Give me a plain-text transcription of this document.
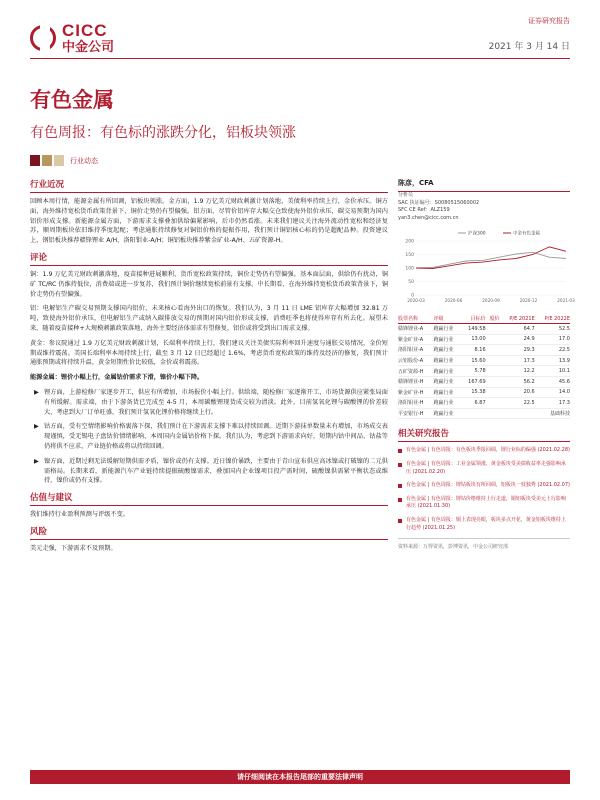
CICC
中金公司
证券研究报告
2021 年 3 月 14 日
有色金属
有色周报：有色标的涨跌分化，铝板块领涨
行业动态
行业近况

回顾本周行情，能源金属有所回调，铝板块领涨。金方面，1.9 万亿美元财政刺激计划落地，美债利率持续上行，金价承压。铜方面，海外维持宽松货币政策背景下，铜价走势仍有望偏强。铝方面，尽管价铝库存大幅交仓致使海外铝价承压，碳交易预期为国内铝价形成支撑。新能源金属方面，下游需求支撑叠加供给偏紧影响，后市仍然看涨。未来我们建议关注海外流动性宽松和经济复苏，顺周期板块依旧维持季度起配；考虑通胀持续修复对铜铝价格的提振作用，我们预计铜铝核心标的仍是超配品种。投资建议上，钢铝板块推荐赣锋锂业 A/H、洛阳钼业-A/H；铜铝板块推荐紫金矿业-A/H、五矿资源-H。

评论

铜：1.9 万亿美元财政刺激落地，疫苗接种进展顺利，货币宽松政策持续，铜价走势仍有望偏强。基本面层面，供给仍有扰动，铜矿 TC/RC 仍维持低位，消费端或进一步复苏，我们预计铜价继续宽松前景有支撑。中长期看，在海外维持宽松货币政策背景下，铜价走势仍有望偏强。

铝：电解铝生产碳交易预期支撑国内铝价，未来核心看海外出口的恢复。我们认为，3 月 11 日 LME 铝库存大幅增加 32.81 万吨，致使海外铝价承压，但电解铝生产或纳入碳排放交易的预期对国内铝价形成支撑，消费旺季也将使得库存有所去化。展望未来，随着疫苗接种+大规模刺激政策落地，海外主要经济体需求有望修复，铝价或将受到出口需求支撑。

黄金：参议院通过 1.9 万亿美元财政刺激计划，长端利率持续上行，我们建议关注美债实际利率回升速度与通胀交易情况，金价短期或维持震荡。美国长端利率本周持续上行，截至 3 月 12 日已经超过 1.6%，考虑货币宽松政策的维持及经济的修复，我们预计通胀预期或将持续升温，黄金短期性价比较低，金价或将震荡。

能源金属：锂价小幅上行，金属钴价需求下滑，镍价小幅下降。

▶ 锂方面，上游检修厂家逐步开工，供应有所增加，市场报价小幅上行。供给端，随检修厂家逐渐开工，市场货源供应紧张局面有所缓解。需求端，由于下游备货已完成至 4-5 月，本周碳酸锂现货成交较为清淡。此外，目前氢氧化锂与碳酸锂的价差较大，考虑到大厂订单旺盛，我们预计氢氧化锂价格将继续上行。
▶ 钴方面，受有空情绪影响价格裹落下探，我们预计在下游需求支撑下难以持续回调。近期下游抹单数量未有增加，市场成交表现谨慎，受无锡电子盘钴价情绪影响，本周国内金属钴价格下探。我们认为，考虑到下游需求向好，短期内钴中间品、钴盐等仍将供不应求，产业链价格或将以持续回调。
▶ 镍方面，近期过剩无法缓解短期供需矛盾，镍价或仍有支撑。近日镍价暴跌，主要由于青山宣布供应高冰镍或打破镍的二元供需格局。长期来看，新能源汽车产业链持续提振硫酸镍需求，叠加国内企业镍项目投产需时间，硫酸镍供需紧平衡状态或维持，镍价或仍有支撑。
估值与建议

我们维持行业盈利预测与评级不变。

风险

美元走强，下游需求不及预期。

陈彦，CFA
分析员
SAC 执证编号：S0080515060002
SFC CE Ref：ALZ159
yan3.chen@cicc.com.cn
0
50
100
150
200
2020-03	2020-06	2020-09	2020-12	2021-03
沪深300	中金有色金属
股票名称	评级	目标价	股价	P/E 2021E	P/E 2022E
赣锋锂业-A	跑赢行业	149.58		64.7	52.5
紫金矿业-A	跑赢行业	13.00		24.9	17.0
洛阳钼业-A	跑赢行业	8.16		29.3	22.5
云铝股份-A	跑赢行业	15.60		17.3	13.9
五矿资源-H	跑赢行业	5.78		12.2	10.1
赣锋锂业-H	跑赢行业	167.69		56.2	45.6
紫金矿业-H	跑赢行业	15.38		20.6	14.0
洛阳钼业-H	跑赢行业	6.87		22.5	17.3
平安银行-H	跑赢行业				基础科技
相关研究报告
有色金属 | 有色周报：有色板块季报回调，锂行业标的偏强 (2021.02.28)
有色金属 | 有色周报：工业金属领涨，黄金板块受美债收益率走强影响承压 (2021.02.20)
有色金属 | 有色周报：锂钴板块有所回调，铝板块一枝独秀 (2021.02.07)
有色金属 | 有色周报：锂钴价格维持上行走道，铜铝板块受美元上行影响承压 (2021.01.30)
有色金属 | 有色周报：铜上表现亮眼，板块多点开花，黄金铝板块维持上行趋势 (2021.01.25)
资料来源：万得资讯，彭博资讯，中金公司研究部
请仔细阅读在本报告尾部的重要法律声明
